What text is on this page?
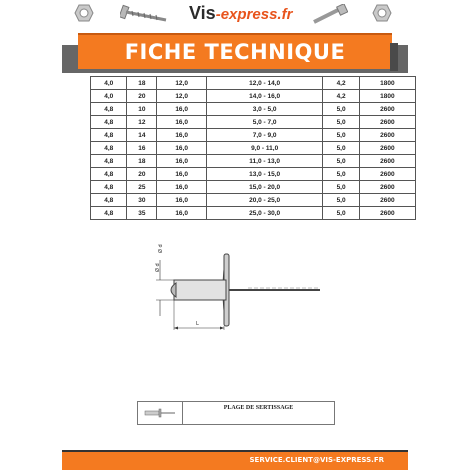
Vis-express.fr
FICHE TECHNIQUE
4,0	18	12,0	12,0 - 14,0	4,2	1800
4,0	20	12,0	14,0 - 16,0	4,2	1800
4,8	10	16,0	3,0 - 5,0	5,0	2600
4,8	12	16,0	5,0 - 7,0	5,0	2600
4,8	14	16,0	7,0 - 9,0	5,0	2600
4,8	16	16,0	9,0 - 11,0	5,0	2600
4,8	18	16,0	11,0 - 13,0	5,0	2600
4,8	20	16,0	13,0 - 15,0	5,0	2600
4,8	25	16,0	15,0 - 20,0	5,0	2600
4,8	30	16,0	20,0 - 25,0	5,0	2600
4,8	35	16,0	25,0 - 30,0	5,0	2600
Ø d
Ø d
L
PLAGE DE SERTISSAGE
SERVICE.CLIENT@VIS-EXPRESS.FR
